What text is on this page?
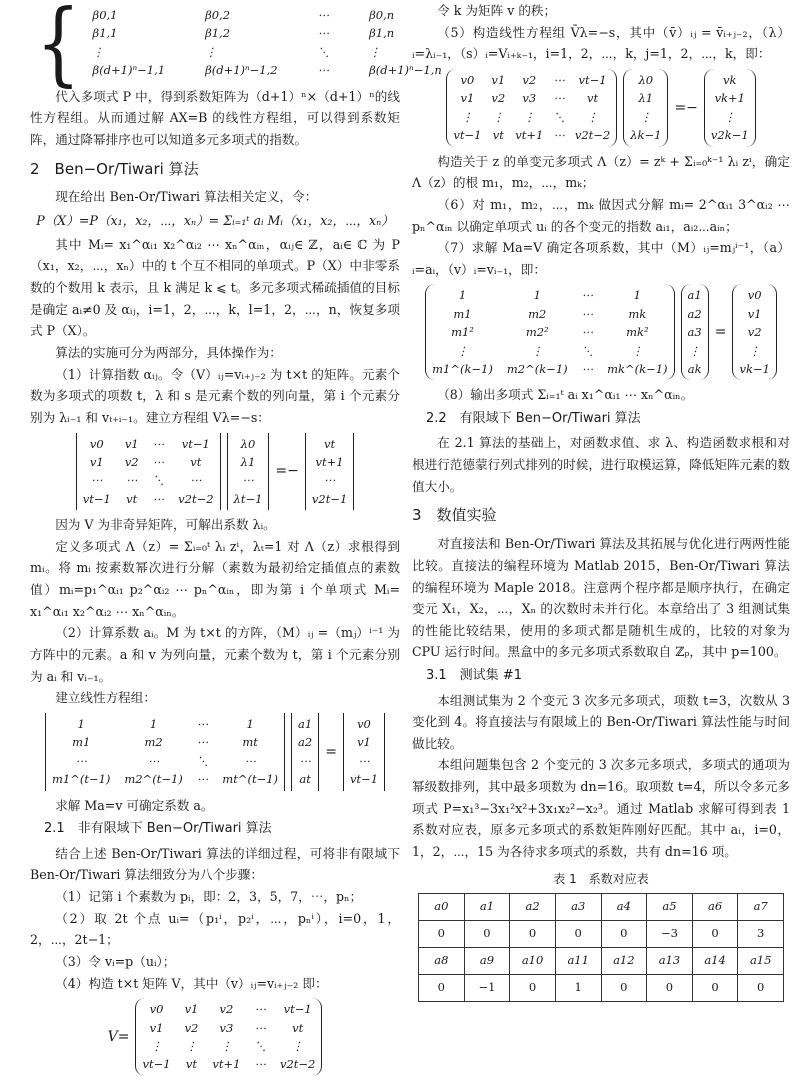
{ β0,1	β0,2	⋯	β0,n
β1,1	β1,2	⋯	β1,n
⋮	⋮	⋱	⋮
β(d+1)ⁿ−1,1	β(d+1)ⁿ−1,2	⋯	β(d+1)ⁿ−1,n

代入多项式 P 中，得到系数矩阵为（d+1）ⁿ×（d+1）ⁿ的线性方程组。从而通过解 AX=B 的线性方程组，可以得到系数矩阵，通过降幂排序也可以知道多元多项式的指数。

2　Ben−Or/Tiwari 算法

现在给出 Ben-Or/Tiwari 算法相关定义，令：

P（X）=P（x₁，x₂，⋯，xₙ）= Σᵢ₌₁ᵗ aᵢ Mᵢ（x₁，x₂，⋯，xₙ）

其中 Mᵢ= x₁^αᵢ₁ x₂^αᵢ₂ ⋯ xₙ^αᵢₙ，αᵢⱼ∈ ℤ，aᵢ∈ ℂ 为 P（x₁，x₂，⋯，xₙ）中的 t 个互不相同的单项式。P（X）中非零系数的个数用 k 表示，且 k 满足 k ⩽ t。多元多项式稀疏插值的目标是确定 aᵢ≠0 及 αᵢⱼ，i=1，2，⋯，k，l=1，2，⋯，n，恢复多项式 P（X）。

算法的实施可分为两部分，具体操作为：

（1）计算指数 αᵢⱼ。令（V）ᵢⱼ=vᵢ₊ⱼ₋₂ 为 t×t 的矩阵。元素个数为多项式的项数 t，λ 和 s 是元素个数的列向量，第 i 个元素分别为 λᵢ₋₁ 和 vₜ₊ᵢ₋₁。建立方程组 Vλ=−s：

v0	v1 ⋯	vt−1
v1	v2 ⋯	vt
⋯	⋯ ⋱	⋯
vt−1 vt ⋯ v2t−2
λ0
λ1
⋯
λt−1
=−
vt
vt+1
⋯
v2t−1

因为 V 为非奇异矩阵，可解出系数 λᵢ。

定义多项式 Λ（z）= Σᵢ₌₀ᵗ λᵢ zⁱ，λₜ=1 对 Λ（z）求根得到 mᵢ。将 mᵢ 按素数幂次进行分解（素数为最初给定插值点的素数值）mᵢ=p₁^αᵢ₁ p₂^αᵢ₂ ⋯ pₙ^αᵢₙ，即为第 i 个单项式 Mᵢ= x₁^αᵢ₁ x₂^αᵢ₂ ⋯ xₙ^αᵢₙ。

（2）计算系数 aᵢ。M 为 t×t 的方阵，（M）ᵢⱼ =（mⱼ）ⁱ⁻¹ 为方阵中的元素。a 和 v 为列向量，元素个数为 t，第 i 个元素分别为 aᵢ 和 vᵢ₋₁。

建立线性方程组：

1	1	⋯	1
m1	m2	⋯	mt
⋯	⋯	⋱	⋯
m1^(t−1) m2^(t−1) ⋯ mt^(t−1)
a1
a2
⋯
at
=
v0
v1
⋯
vt−1

求解 Ma=v 可确定系数 a。

2.1　非有限域下 Ben−Or/Tiwari 算法

结合上述 Ben-Or/Tiwari 算法的详细过程，可将非有限域下 Ben-Or/Tiwari 算法细致分为八个步骤：

（1）记第 i 个素数为 pᵢ，即：2，3，5，7，⋯，pₙ；

（2）取 2t 个点 uᵢ=（p₁ⁱ，p₂ⁱ，⋯，pₙⁱ），i=0，1，2，⋯，2t−1；

（3）令 vᵢ=p（uᵢ）；

（4）构造 t×t 矩阵 V，其中（v）ᵢⱼ=vᵢ₊ⱼ₋₂ 即：

V=
v0	v1	v2	⋯	vt−1
v1	v2	v3	⋯	vt
⋮	⋮	⋮	⋱	⋮
vt−1 vt vt+1 ⋯ v2t−2

令 k 为矩阵 v 的秩；

（5）构造线性方程组 V̄λ=−s，其中（v̄）ᵢⱼ = v̄ᵢ₊ⱼ₋₂，（λ）ᵢ=λᵢ₋₁，（s）ᵢ=Vᵢ₊ₖ₋₁，i=1，2，⋯，k，j=1，2，⋯，k，即：

v0	v1	v2	⋯	vt−1
v1	v2	v3	⋯	vt
⋮	⋮	⋮	⋱	⋮
vt−1 vt vt+1 ⋯ v2t−2
λ0
λ1
⋮
λk−1
=−
vk
vk+1
⋮
v2k−1

构造关于 z 的单变元多项式 Λ（z）= zᵏ + Σᵢ₌₀ᵏ⁻¹ λᵢ zⁱ，确定 Λ（z）的根 m₁，m₂，⋯，mₖ；

（6）对 m₁，m₂，⋯，mₖ 做因式分解 mᵢ= 2^αᵢ₁ 3^αᵢ₂ ⋯ pₙ^αᵢₙ 以确定单项式 uᵢ 的各个变元的指数 aᵢ₁，aᵢ₂⋯aᵢₙ；

（7）求解 Ma=V 确定各项系数，其中（M）ᵢⱼ=mⱼⁱ⁻¹，（a）ᵢ=aᵢ，（v）ᵢ=vᵢ₋₁，即：

1	1	⋯	1
m1	m2	⋯	mk
m1²	m2²	⋯	mk²
⋮	⋮	⋱	⋮
m1^(k−1) m2^(k−1) ⋯ mk^(k−1)
a1
a2
a3
⋮
ak
=
v0
v1
v2
⋮
vk−1

（8）输出多项式 Σᵢ₌₁ᵗ aᵢ x₁^αᵢ₁ ⋯ xₙ^αᵢₙ。

2.2　有限域下 Ben−Or/Tiwari 算法

在 2.1 算法的基础上，对函数求值、求 λ、构造函数求根和对根进行范德蒙行列式排列的时候，进行取模运算，降低矩阵元素的数值大小。

3　数值实验

对直接法和 Ben-Or/Tiwari 算法及其拓展与优化进行两两性能比较。直接法的编程环境为 Matlab 2015，Ben-Or/Tiwari 算法的编程环境为 Maple 2018。注意两个程序都是顺序执行，在确定变元 X₁，X₂，⋯，Xₙ 的次数时未并行化。本章给出了 3 组测试集的性能比较结果，使用的多项式都是随机生成的，比较的对象为 CPU 运行时间。黑盒中的多元多项式系数取自 ℤₚ，其中 p=100。

3.1　测试集 #1

本组测试集为 2 个变元 3 次多元多项式，项数 t=3，次数从 3 变化到 4。将直接法与有限域上的 Ben-Or/Tiwari 算法性能与时间做比较。

本组问题集包含 2 个变元的 3 次多元多项式，多项式的通项为幂级数排列，其中最多项数为 dn=16。取项数 t=4，所以令多元多项式 P=x₁³−3x₁²x²+3x₁x₂²−x₂³。通过 Matlab 求解可得到表 1 系数对应表，原多元多项式的系数矩阵刚好匹配。其中 aᵢ，i=0，1，2，⋯，15 为各待求多项式的系数，共有 dn=16 项。

表 1　系数对应表
a0	a1	a2	a3	a4	a5	a6	a7
0	0	0	0	0	−3	0	3
a8	a9	a10	a11	a12	a13	a14	a15
0	−1	0	1	0	0	0	0
